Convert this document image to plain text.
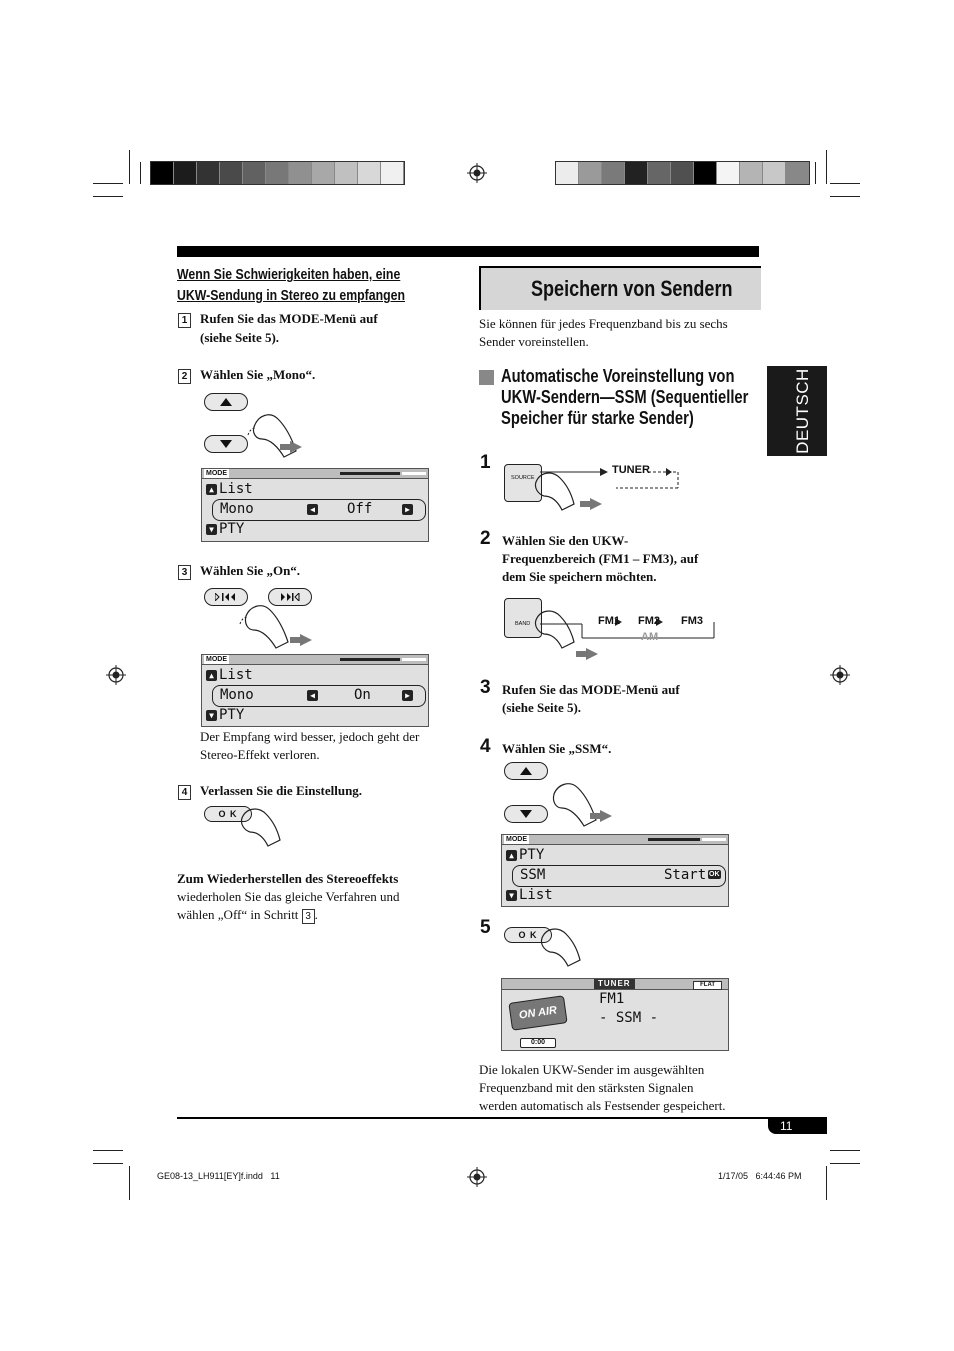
Wenn Sie Schwierigkeiten haben, eine
UKW-Sendung in Stereo zu empfangen
1 Rufen Sie das MODE-Menü auf
(siehe Seite 5).
2 Wählen Sie „Mono“.
MODE
▲ List
Mono	◀	Off	▶
▼ PTY
3 Wählen Sie „On“.
MODE
▲ List
Mono	◀	On	▶
▼ PTY
Der Empfang wird besser, jedoch geht der
Stereo-Effekt verloren.
4 Verlassen Sie die Einstellung.
O K
Zum Wiederherstellen des Stereoeffekts
wiederholen Sie das gleiche Verfahren und
wählen „Off“ in Schritt 3 .
Speichern von Sendern
Sie können für jedes Frequenzband bis zu sechs
Sender voreinstellen.
Automatische Voreinstellung von
UKW-Sendern—SSM (Sequentieller
Speicher für starke Sender)	DEUTSCH
1
SOURCE
TUNER
2 Wählen Sie den UKW-
Frequenzbereich (FM1 – FM3), auf
dem Sie speichern möchten.
BAND	FM1 FM2 FM3
AM
3 Rufen Sie das MODE-Menü auf
(siehe Seite 5).
4 Wählen Sie „SSM“.
MODE
▲ PTY
SSM	Start OK
▼ List
5	O K
TUNER	FLAT
ON AIR
FM1
- SSM -
0:00
Die lokalen UKW-Sender im ausgewählten
Frequenzband mit den stärksten Signalen
werden automatisch als Festsender gespeichert.
11
GE08-13_LH911[EY]f.indd   11	1/17/05   6:44:46 PM
